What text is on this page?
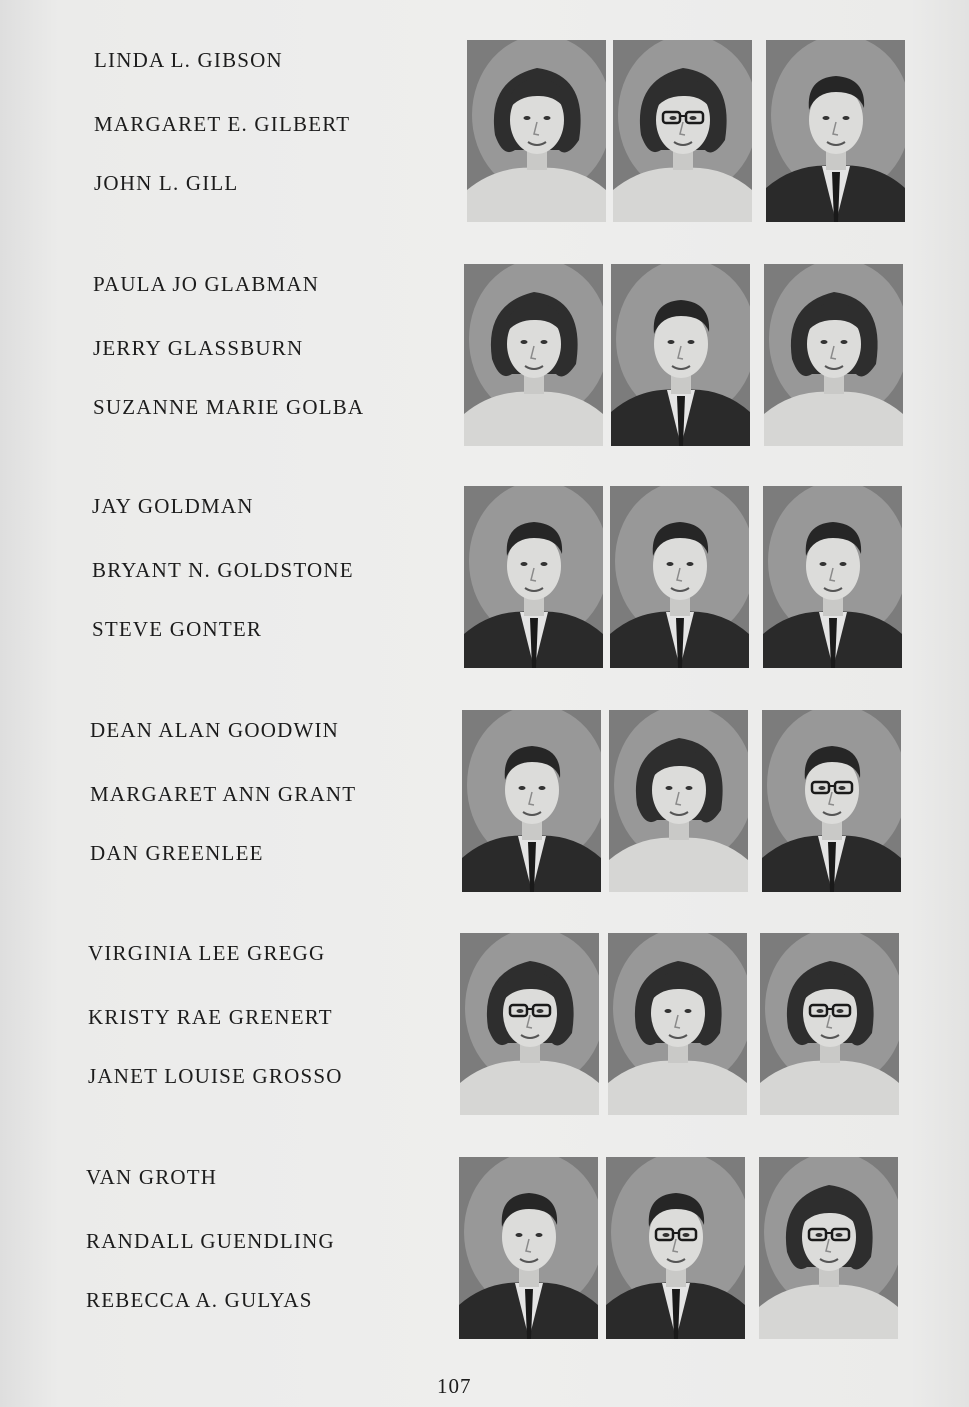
LINDA L. GIBSON
MARGARET E. GILBERT
JOHN L. GILL
PAULA JO GLABMAN
JERRY GLASSBURN
SUZANNE MARIE GOLBA
JAY GOLDMAN
BRYANT N. GOLDSTONE
STEVE GONTER
DEAN ALAN GOODWIN
MARGARET ANN GRANT
DAN GREENLEE
VIRGINIA LEE GREGG
KRISTY RAE GRENERT
JANET LOUISE GROSSO
VAN GROTH
RANDALL GUENDLING
REBECCA A. GULYAS
107
